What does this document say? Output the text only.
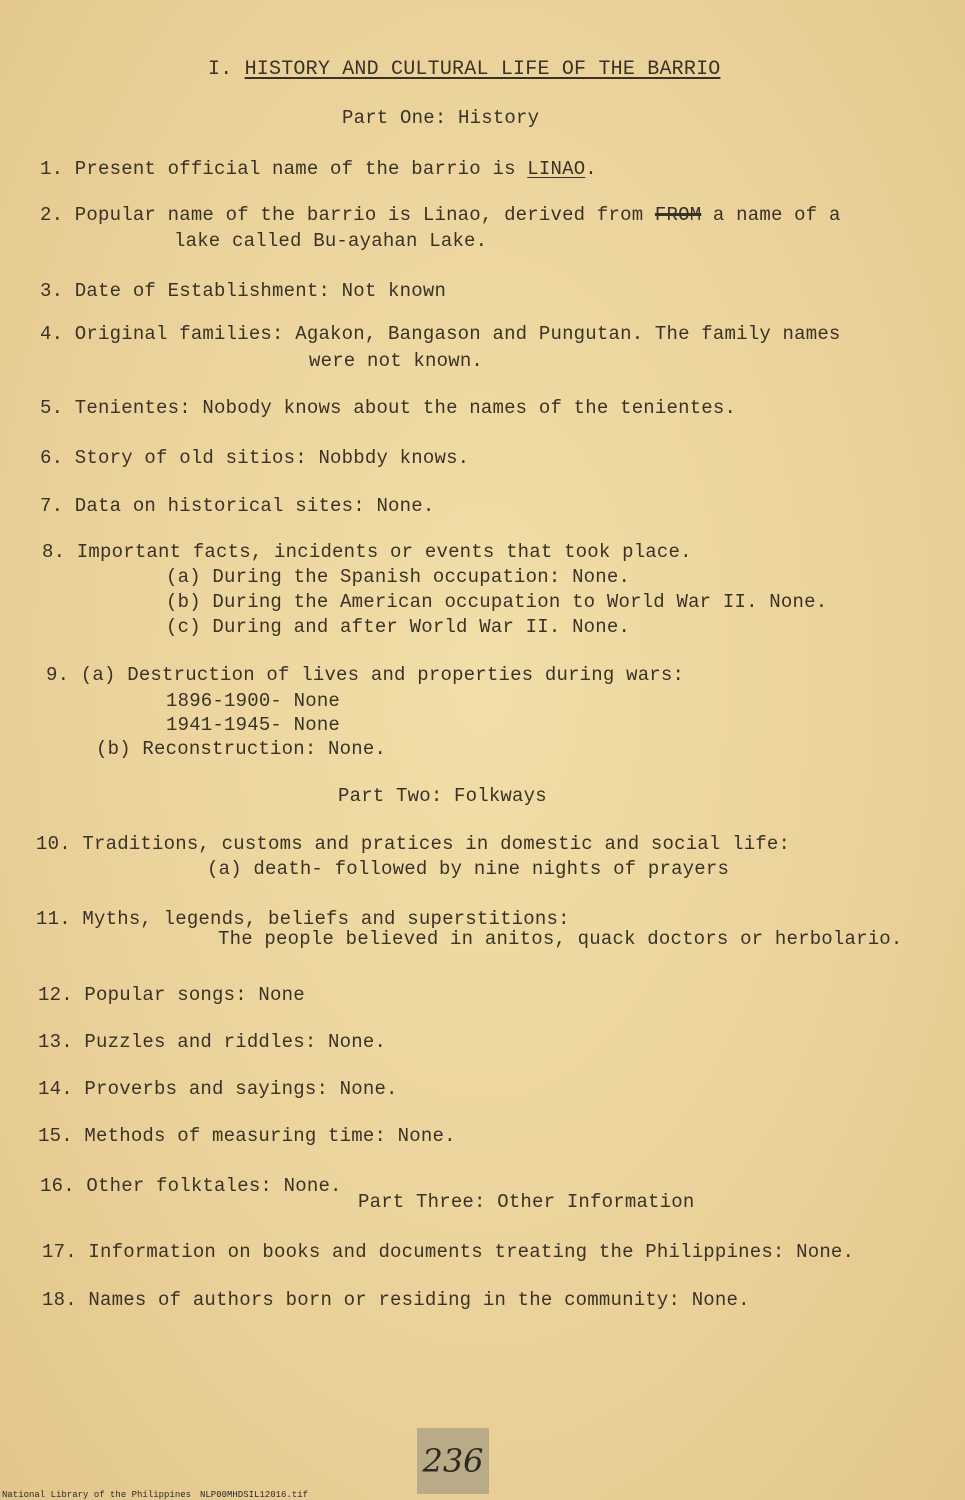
I. HISTORY AND CULTURAL LIFE OF THE BARRIO
Part One: History
1. Present official name of the barrio is LINAO.
2. Popular name of the barrio is Linao, derived from FROM a name of a
lake called Bu-ayahan Lake.
3. Date of Establishment: Not known
4. Original families: Agakon, Bangason and Pungutan. The family names
were not known.
5. Tenientes: Nobody knows about the names of the tenientes.
6. Story of old sitios: Nobbdy knows.
7. Data on historical sites: None.
8. Important facts, incidents or events that took place.
(a) During the Spanish occupation: None.
(b) During the American occupation to World War II. None.
(c) During and after World War II. None.
9. (a) Destruction of lives and properties during wars:
1896-1900- None
1941-1945- None
(b) Reconstruction: None.
Part Two: Folkways
10. Traditions, customs and pratices in domestic and social life:
(a) death- followed by nine nights of prayers
11. Myths, legends, beliefs and superstitions:
The people believed in anitos, quack doctors or herbolario.
12. Popular songs: None
13. Puzzles and riddles: None.
14. Proverbs and sayings: None.
15. Methods of measuring time: None.
16. Other folktales: None.
Part Three: Other Information
17. Information on books and documents treating the Philippines: None.
18. Names of authors born or residing in the community: None.
236
National Library of the Philippines NLP00MHDSIL12016.tif
